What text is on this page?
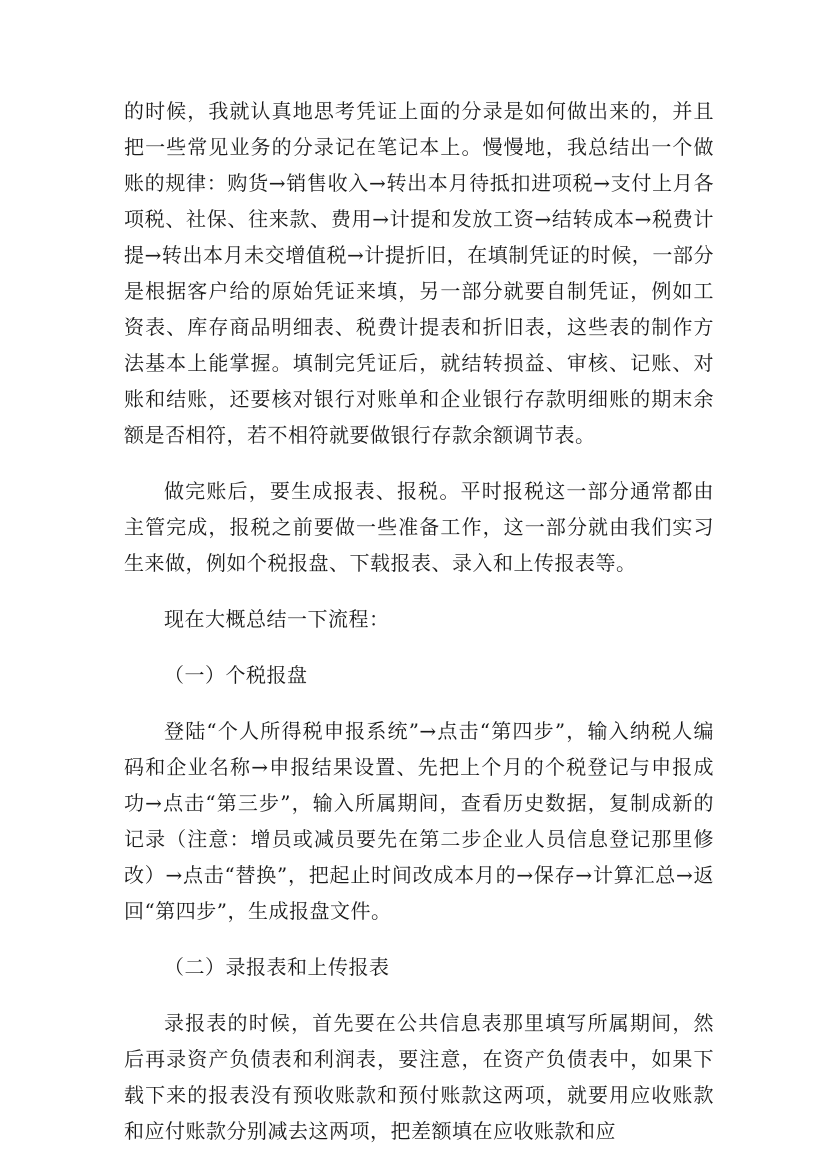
的时候，我就认真地思考凭证上面的分录是如何做出来的，并且把一些常见业务的分录记在笔记本上。慢慢地，我总结出一个做账的规律：购货→销售收入→转出本月待抵扣进项税→支付上月各项税、社保、往来款、费用→计提和发放工资→结转成本→税费计提→转出本月未交增值税→计提折旧，在填制凭证的时候，一部分是根据客户给的原始凭证来填，另一部分就要自制凭证，例如工资表、库存商品明细表、税费计提表和折旧表，这些表的制作方法基本上能掌握。填制完凭证后，就结转损益、审核、记账、对账和结账，还要核对银行对账单和企业银行存款明细账的期末余额是否相符，若不相符就要做银行存款余额调节表。

做完账后，要生成报表、报税。平时报税这一部分通常都由主管完成，报税之前要做一些准备工作，这一部分就由我们实习生来做，例如个税报盘、下载报表、录入和上传报表等。

现在大概总结一下流程：

（一）个税报盘

登陆“个人所得税申报系统”→点击“第四步”，输入纳税人编码和企业名称→申报结果设置、先把上个月的个税登记与申报成功→点击“第三步”，输入所属期间，查看历史数据，复制成新的记录（注意：增员或减员要先在第二步企业人员信息登记那里修改）→点击“替换”，把起止时间改成本月的→保存→计算汇总→返回“第四步”，生成报盘文件。

（二）录报表和上传报表

录报表的时候，首先要在公共信息表那里填写所属期间，然后再录资产负债表和利润表，要注意，在资产负债表中，如果下载下来的报表没有预收账款和预付账款这两项，就要用应收账款和应付账款分别减去这两项，把差额填在应收账款和应
